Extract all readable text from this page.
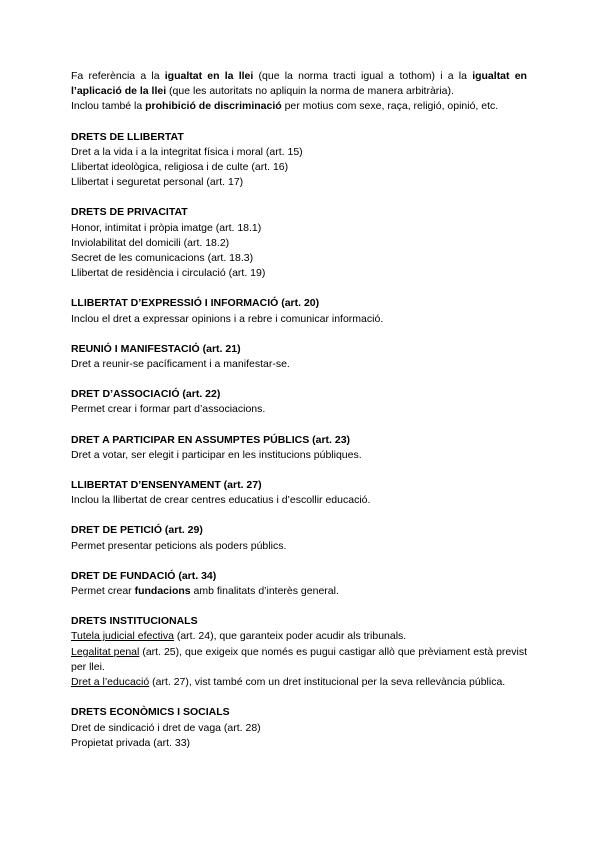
Fa referència a la igualtat en la llei (que la norma tracti igual a tothom) i a la igualtat en l’aplicació de la llei (que les autoritats no apliquin la norma de manera arbitrària).

Inclou també la prohibició de discriminació per motius com sexe, raça, religió, opinió, etc.

DRETS DE LLIBERTAT

Dret a la vida i a la integritat física i moral (art. 15)

Llibertat ideològica, religiosa i de culte (art. 16)

Llibertat i seguretat personal (art. 17)

DRETS DE PRIVACITAT

Honor, intimitat i pròpia imatge (art. 18.1)

Inviolabilitat del domicili (art. 18.2)

Secret de les comunicacions (art. 18.3)

Llibertat de residència i circulació (art. 19)

LLIBERTAT D’EXPRESSIÓ I INFORMACIÓ (art. 20)

Inclou el dret a expressar opinions i a rebre i comunicar informació.

REUNIÓ I MANIFESTACIÓ (art. 21)

Dret a reunir-se pacíficament i a manifestar-se.

DRET D’ASSOCIACIÓ (art. 22)

Permet crear i formar part d’associacions.

DRET A PARTICIPAR EN ASSUMPTES PÚBLICS (art. 23)

Dret a votar, ser elegit i participar en les institucions públiques.

LLIBERTAT D’ENSENYAMENT (art. 27)

Inclou la llibertat de crear centres educatius i d’escollir educació.

DRET DE PETICIÓ (art. 29)

Permet presentar peticions als poders públics.

DRET DE FUNDACIÓ (art. 34)

Permet crear fundacions amb finalitats d’interès general.

DRETS INSTITUCIONALS

Tutela judicial efectiva (art. 24), que garanteix poder acudir als tribunals.

Legalitat penal (art. 25), que exigeix que només es pugui castigar allò que prèviament està previst per llei.

Dret a l’educació (art. 27), vist també com un dret institucional per la seva rellevància pública.

DRETS ECONÒMICS I SOCIALS

Dret de sindicació i dret de vaga (art. 28)

Propietat privada (art. 33)
